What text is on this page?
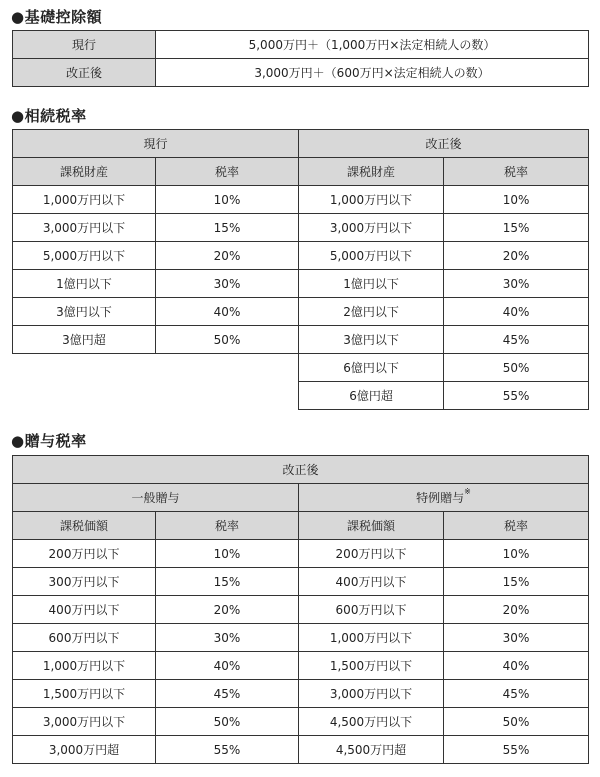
●基礎控除額
現行	5,000万円＋（1,000万円×法定相続人の数）
改正後	3,000万円＋（600万円×法定相続人の数）
●相続税率
現行		改正後	
課税財産	税率	課税財産	税率
1,000万円以下	10%	1,000万円以下	10%
3,000万円以下	15%	3,000万円以下	15%
5,000万円以下	20%	5,000万円以下	20%
1億円以下	30%	1億円以下	30%
3億円以下	40%	2億円以下	40%
3億円超	50%	3億円以下	45%
		6億円以下	50%
		6億円超	55%
●贈与税率
改正後			
一般贈与		特例贈与※
課税価額	税率	課税価額	税率
200万円以下	10%	200万円以下	10%
300万円以下	15%	400万円以下	15%
400万円以下	20%	600万円以下	20%
600万円以下	30%	1,000万円以下	30%
1,000万円以下	40%	1,500万円以下	40%
1,500万円以下	45%	3,000万円以下	45%
3,000万円以下	50%	4,500万円以下	50%
3,000万円超	55%	4,500万円超	55%
